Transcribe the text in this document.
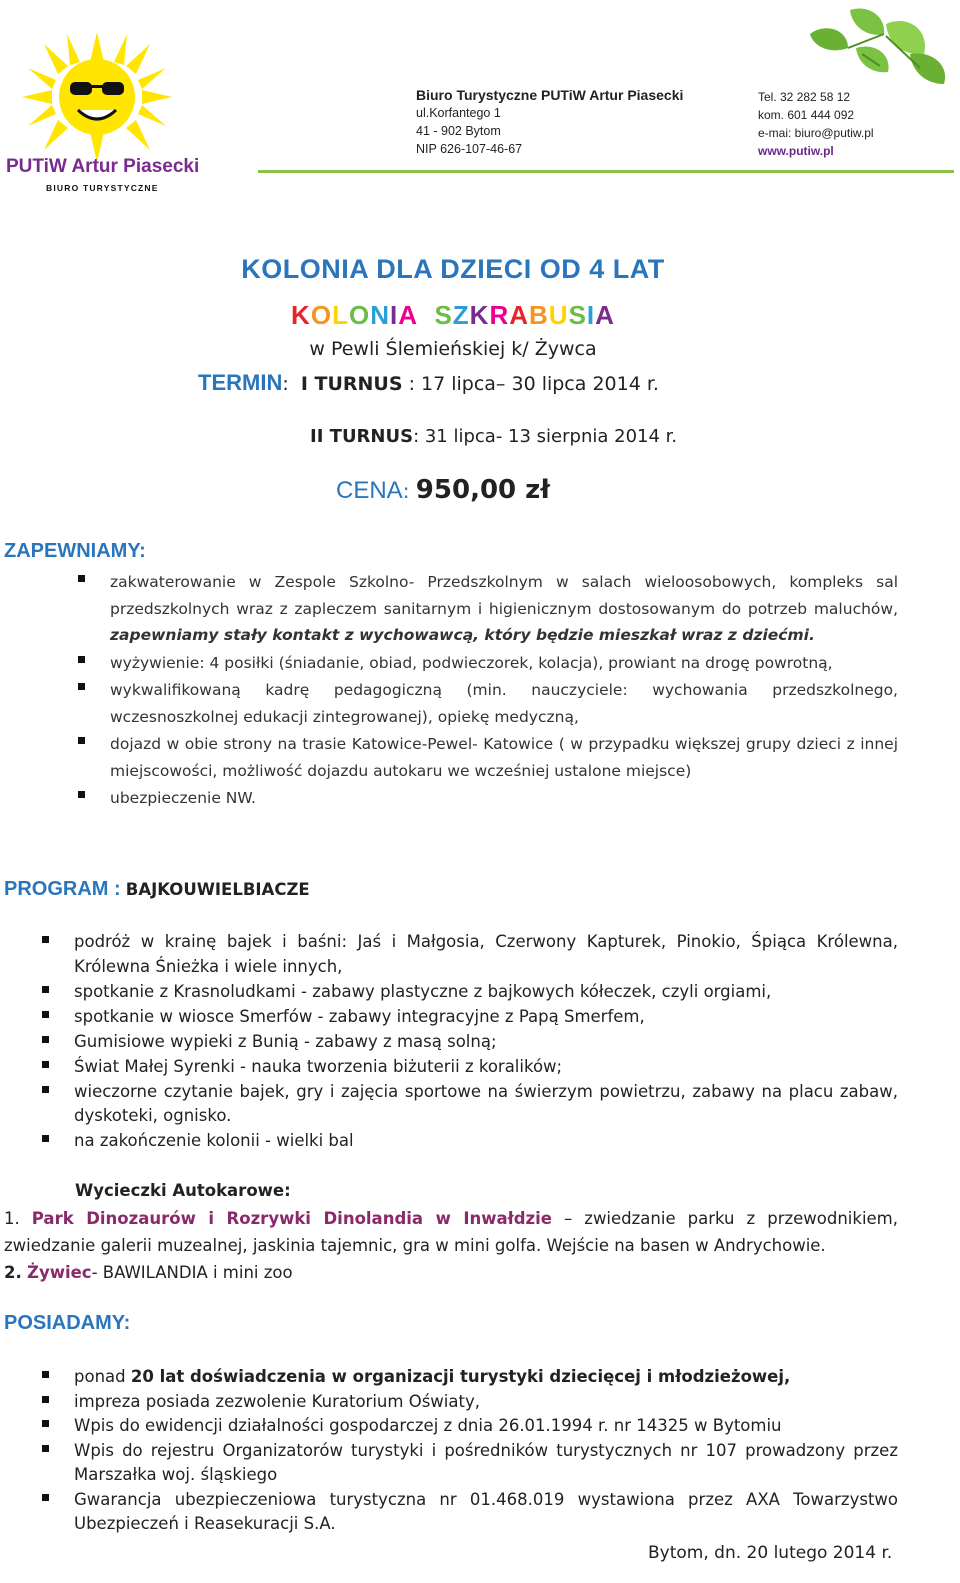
PUTiW Artur Piasecki
BIURO TURYSTYCZNE
Biuro Turystyczne PUTiW Artur Piasecki
ul.Korfantego 1
41 - 902 Bytom
NIP 626-107-46-67
Tel. 32 282 58 12
kom. 601 444 092
e-mai: biuro@putiw.pl
www.putiw.pl
KOLONIA DLA DZIECI OD 4 LAT
KOLONIA SZKRABUSIA
w Pewli Ślemieńskiej k/ Żywca
TERMIN:  I TURNUS : 17 lipca– 30 lipca 2014 r.
II TURNUS: 31 lipca- 13 sierpnia 2014 r.
CENA: 950,00 zł
ZAPEWNIAMY:
zakwaterowanie w Zespole Szkolno- Przedszkolnym w salach wieloosobowych, kompleks sal przedszkolnych wraz z zapleczem sanitarnym i higienicznym dostosowanym do potrzeb maluchów, zapewniamy stały kontakt z wychowawcą, który będzie mieszkał wraz z dziećmi.
wyżywienie: 4 posiłki (śniadanie, obiad, podwieczorek, kolacja), prowiant na drogę powrotną,
wykwalifikowaną kadrę pedagogiczną (min. nauczyciele: wychowania przedszkolnego, wczesnoszkolnej edukacji zintegrowanej), opiekę medyczną,
dojazd w obie strony na trasie Katowice-Pewel- Katowice ( w przypadku większej grupy dzieci z innej miejscowości, możliwość dojazdu autokaru we wcześniej ustalone miejsce)
ubezpieczenie NW.
PROGRAM : BAJKOUWIELBIACZE
podróż w krainę bajek i baśni: Jaś i Małgosia, Czerwony Kapturek, Pinokio, Śpiąca Królewna, Królewna Śnieżka i wiele innych,
spotkanie z Krasnoludkami - zabawy plastyczne z bajkowych kółeczek, czyli orgiami,
spotkanie w wiosce Smerfów - zabawy integracyjne z Papą Smerfem,
Gumisiowe wypieki z Bunią - zabawy z masą solną;
Świat Małej Syrenki - nauka tworzenia biżuterii z koralików;
wieczorne czytanie bajek, gry i zajęcia sportowe na świerzym powietrzu, zabawy na placu zabaw, dyskoteki, ognisko.
na zakończenie kolonii - wielki bal
Wycieczki Autokarowe:
1. Park Dinozaurów i Rozrywki Dinolandia w Inwałdzie – zwiedzanie parku z przewodnikiem, zwiedzanie galerii muzealnej, jaskinia tajemnic, gra w mini golfa. Wejście na basen w Andrychowie.
2. Żywiec- BAWILANDIA i mini zoo
POSIADAMY:
ponad 20 lat doświadczenia w organizacji turystyki dziecięcej i młodzieżowej,
impreza posiada zezwolenie Kuratorium Oświaty,
Wpis do ewidencji działalności gospodarczej z dnia 26.01.1994 r. nr 14325 w Bytomiu
Wpis do rejestru Organizatorów turystyki i pośredników turystycznych nr 107 prowadzony przez Marszałka woj. śląskiego
Gwarancja ubezpieczeniowa turystyczna nr 01.468.019 wystawiona przez AXA Towarzystwo Ubezpieczeń i Reasekuracji S.A.
Bytom, dn. 20 lutego 2014 r.
